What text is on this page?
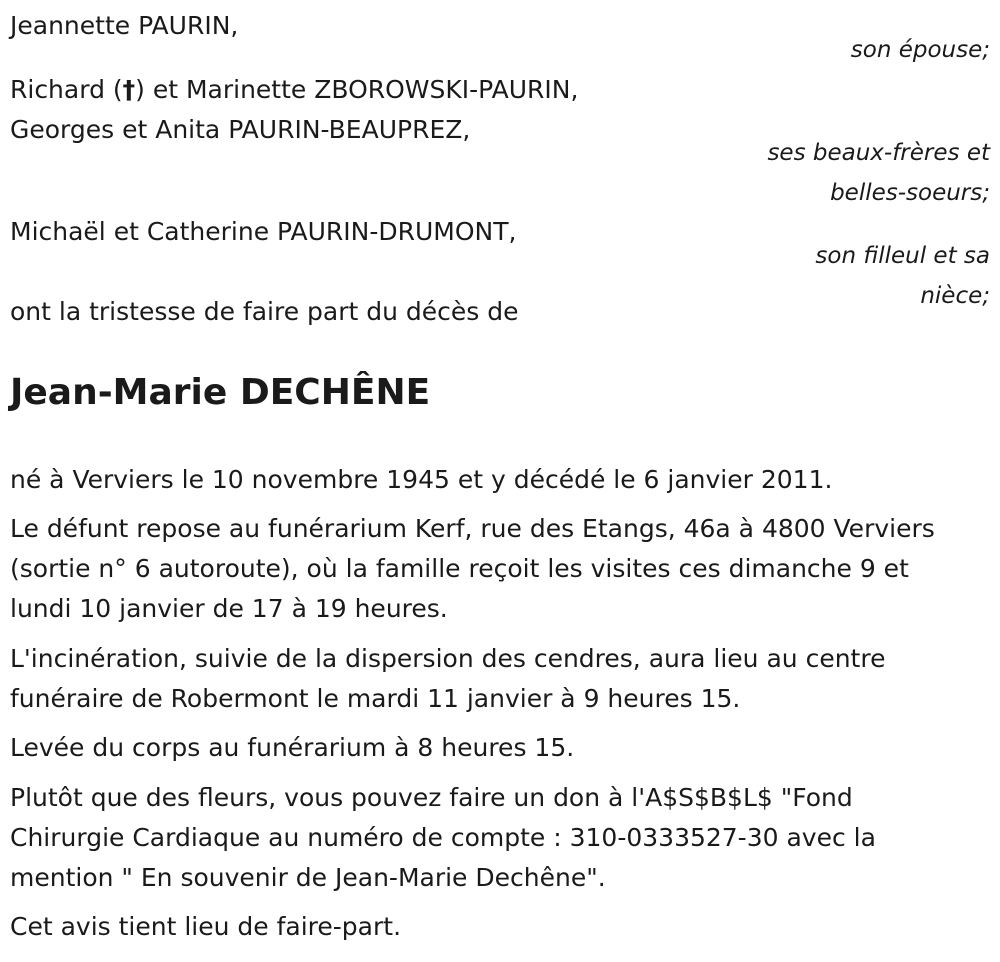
Jeannette PAURIN,
son épouse;
Richard (†) et Marinette ZBOROWSKI-PAURIN,
Georges et Anita PAURIN-BEAUPREZ,
ses beaux-frères et
belles-soeurs;
Michaël et Catherine PAURIN-DRUMONT,
son filleul et sa
nièce;
ont la tristesse de faire part du décès de
Jean-Marie DECHÊNE
né à Verviers le 10 novembre 1945 et y décédé le 6 janvier 2011.
Le défunt repose au funérarium Kerf, rue des Etangs, 46a à 4800 Verviers (sortie n° 6 autoroute), où la famille reçoit les visites ces dimanche 9 et lundi 10 janvier de 17 à 19 heures.
L'incinération, suivie de la dispersion des cendres, aura lieu au centre funéraire de Robermont le mardi 11 janvier à 9 heures 15.
Levée du corps au funérarium à 8 heures 15.
Plutôt que des fleurs, vous pouvez faire un don à l'A$S$B$L$ "Fond Chirurgie Cardiaque au numéro de compte : 310-0333527-30 avec la mention " En souvenir de Jean-Marie Dechêne".
Cet avis tient lieu de faire-part.
